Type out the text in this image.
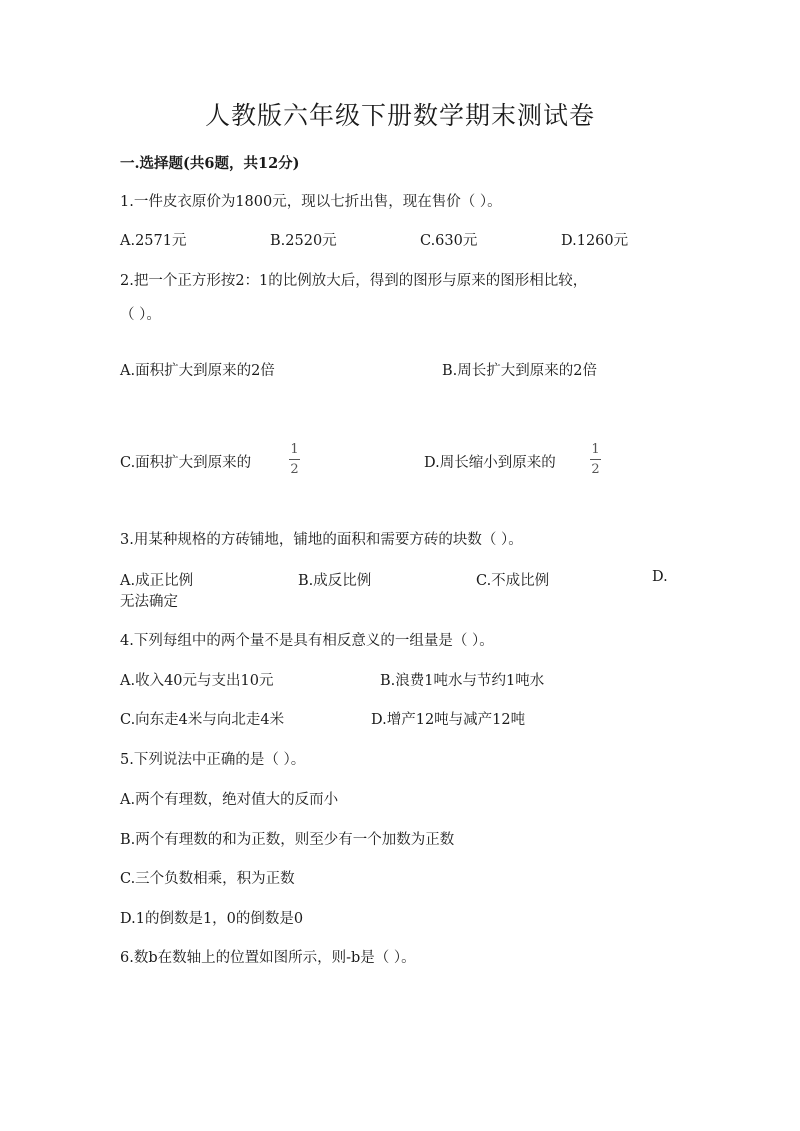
人教版六年级下册数学期末测试卷
一.选择题(共6题，共12分)
1.一件皮衣原价为1800元，现以七折出售，现在售价（ ）。
A.2571元	B.2520元	C.630元	D.1260元
2.把一个正方形按2：1的比例放大后，得到的图形与原来的图形相比较，
（ ）。
A.面积扩大到原来的2倍	B.周长扩大到原来的2倍
C.面积扩大到原来的
1
2	D.周长缩小到原来的
1
2
3.用某种规格的方砖铺地，铺地的面积和需要方砖的块数（ ）。
A.成正比例	B.成反比例	C.不成比例	D.
无法确定
4.下列每组中的两个量不是具有相反意义的一组量是（ ）。
A.收入40元与支出10元	B.浪费1吨水与节约1吨水
C.向东走4米与向北走4米	D.增产12吨与减产12吨
5.下列说法中正确的是（ ）。
A.两个有理数，绝对值大的反而小
B.两个有理数的和为正数，则至少有一个加数为正数
C.三个负数相乘，积为正数
D.1的倒数是1，0的倒数是0
6.数b在数轴上的位置如图所示，则-b是（ ）。
